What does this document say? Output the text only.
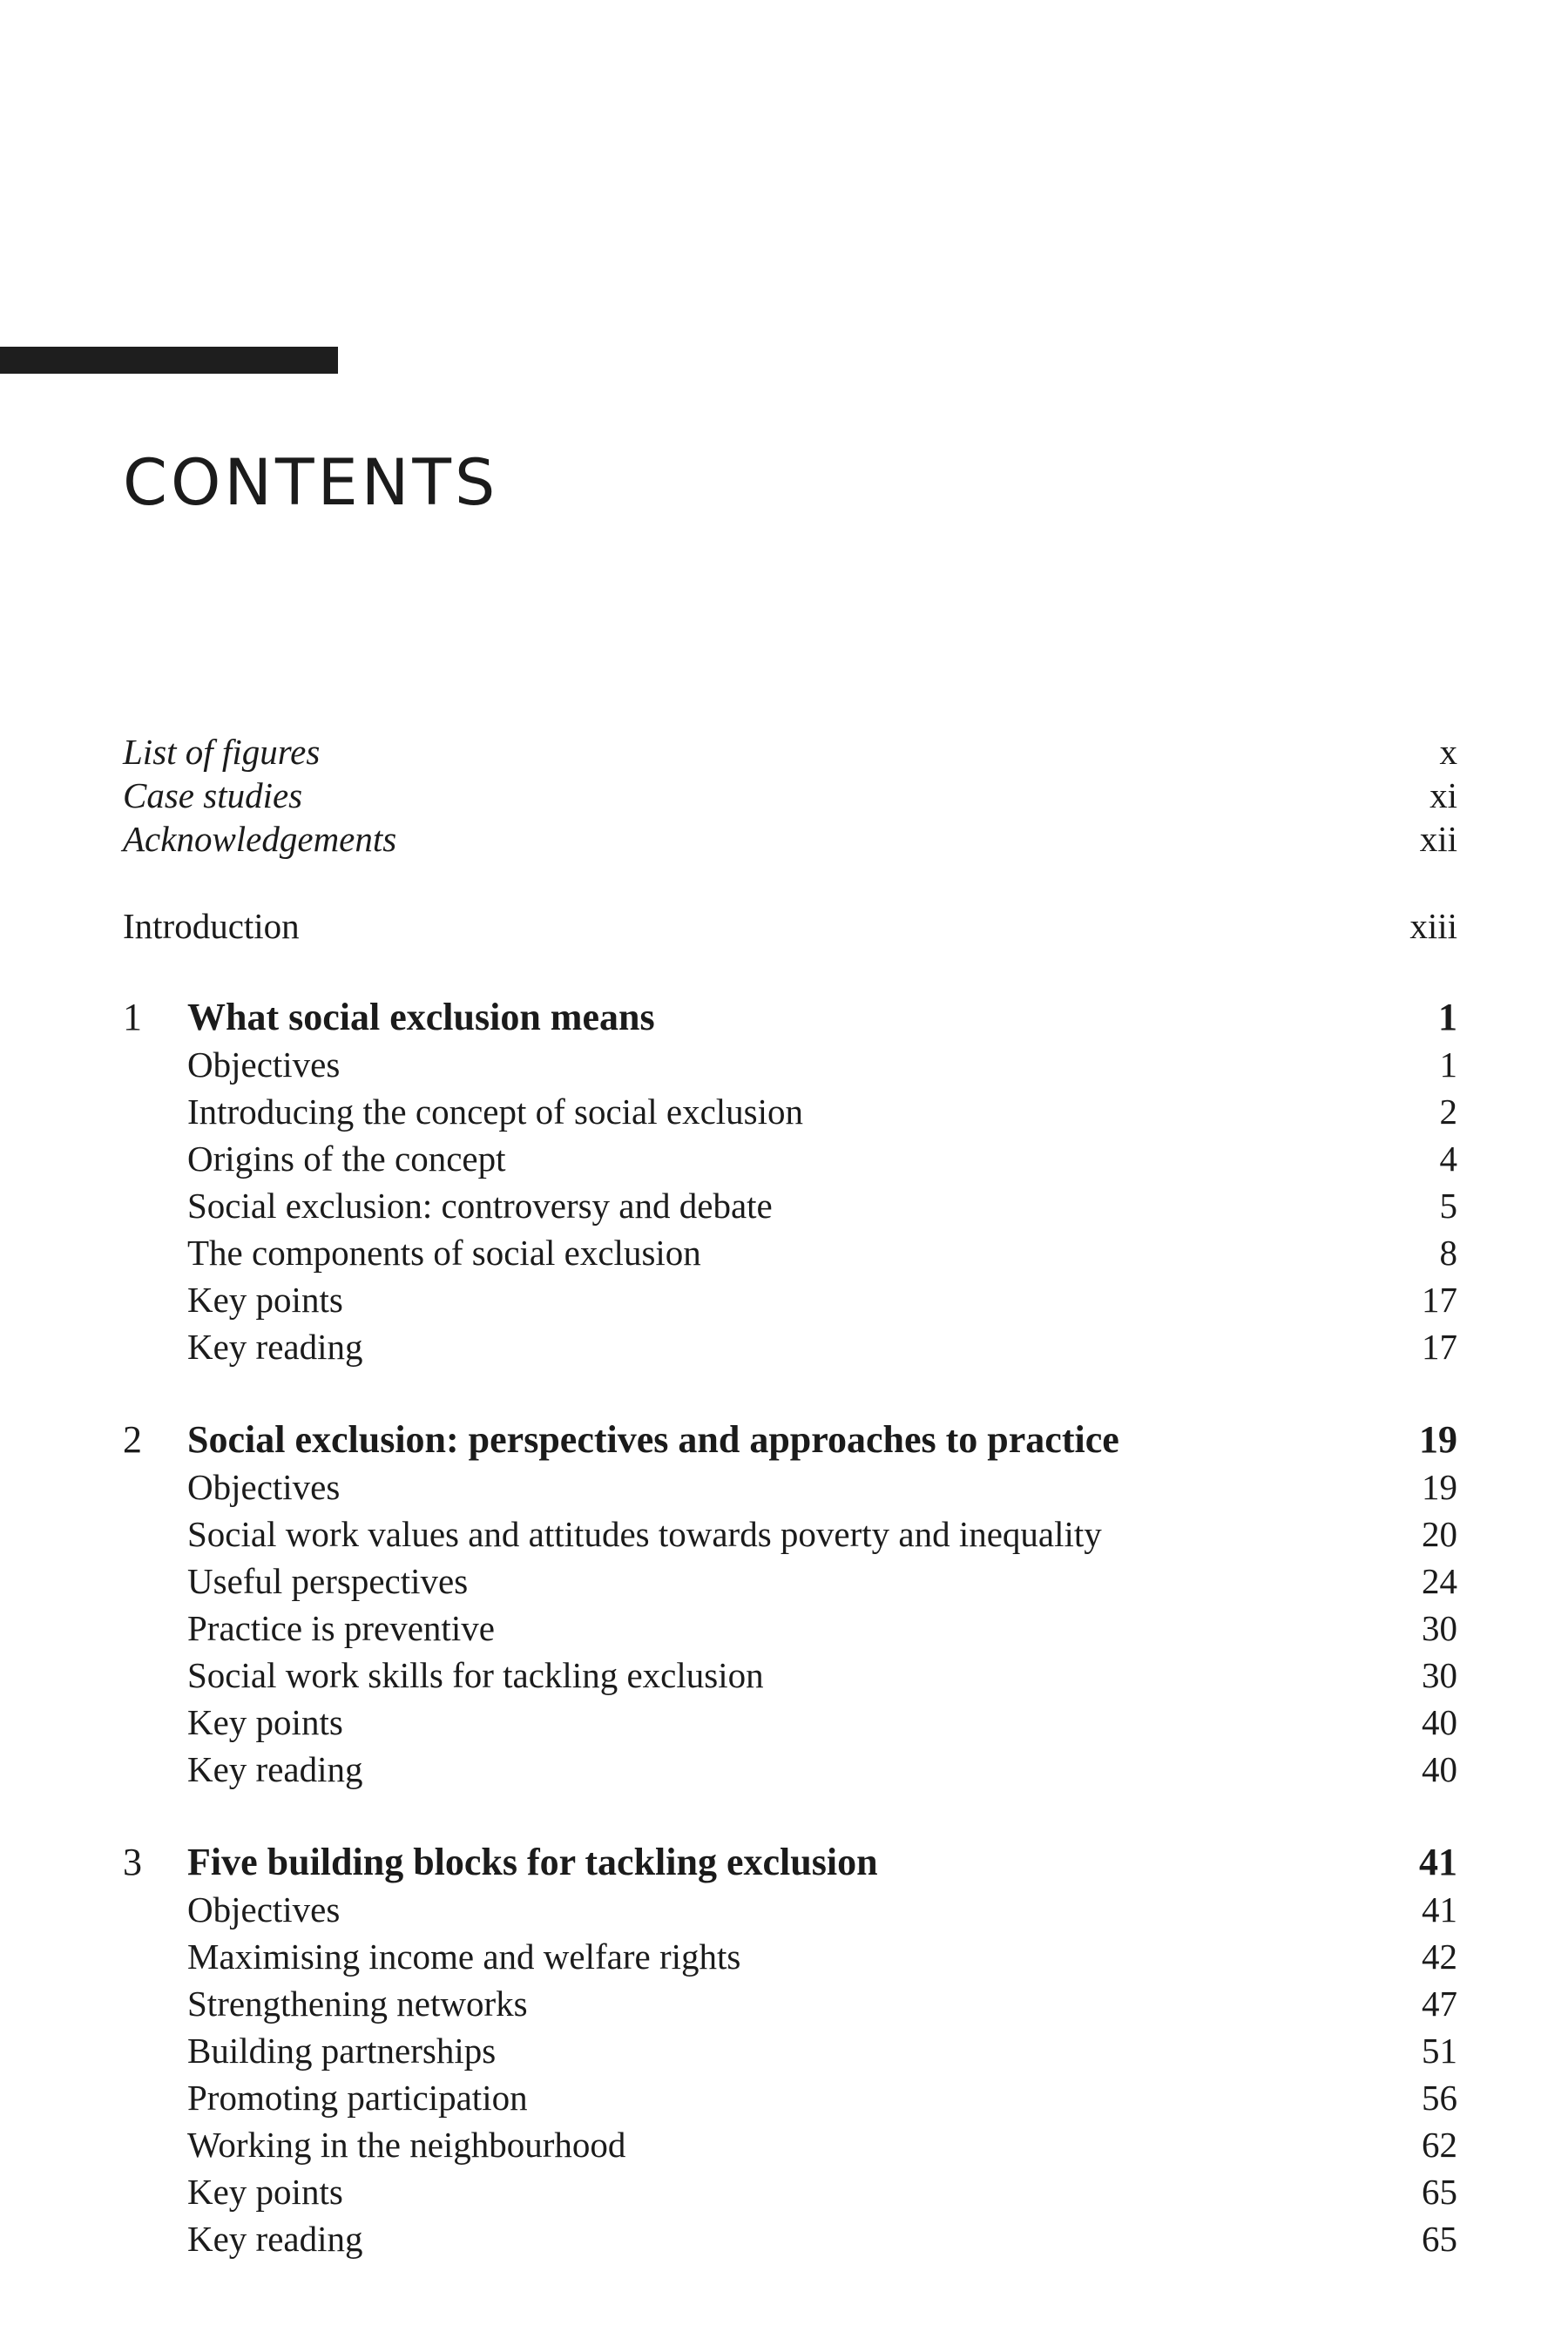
CONTENTS
List of figures	x
Case studies	xi
Acknowledgements	xii
Introduction	xiii
1 What social exclusion means	1
Objectives	1
Introducing the concept of social exclusion	2
Origins of the concept	4
Social exclusion: controversy and debate	5
The components of social exclusion	8
Key points	17
Key reading	17
2 Social exclusion: perspectives and approaches to practice	19
Objectives	19
Social work values and attitudes towards poverty and inequality	20
Useful perspectives	24
Practice is preventive	30
Social work skills for tackling exclusion	30
Key points	40
Key reading	40
3 Five building blocks for tackling exclusion	41
Objectives	41
Maximising income and welfare rights	42
Strengthening networks	47
Building partnerships	51
Promoting participation	56
Working in the neighbourhood	62
Key points	65
Key reading	65
